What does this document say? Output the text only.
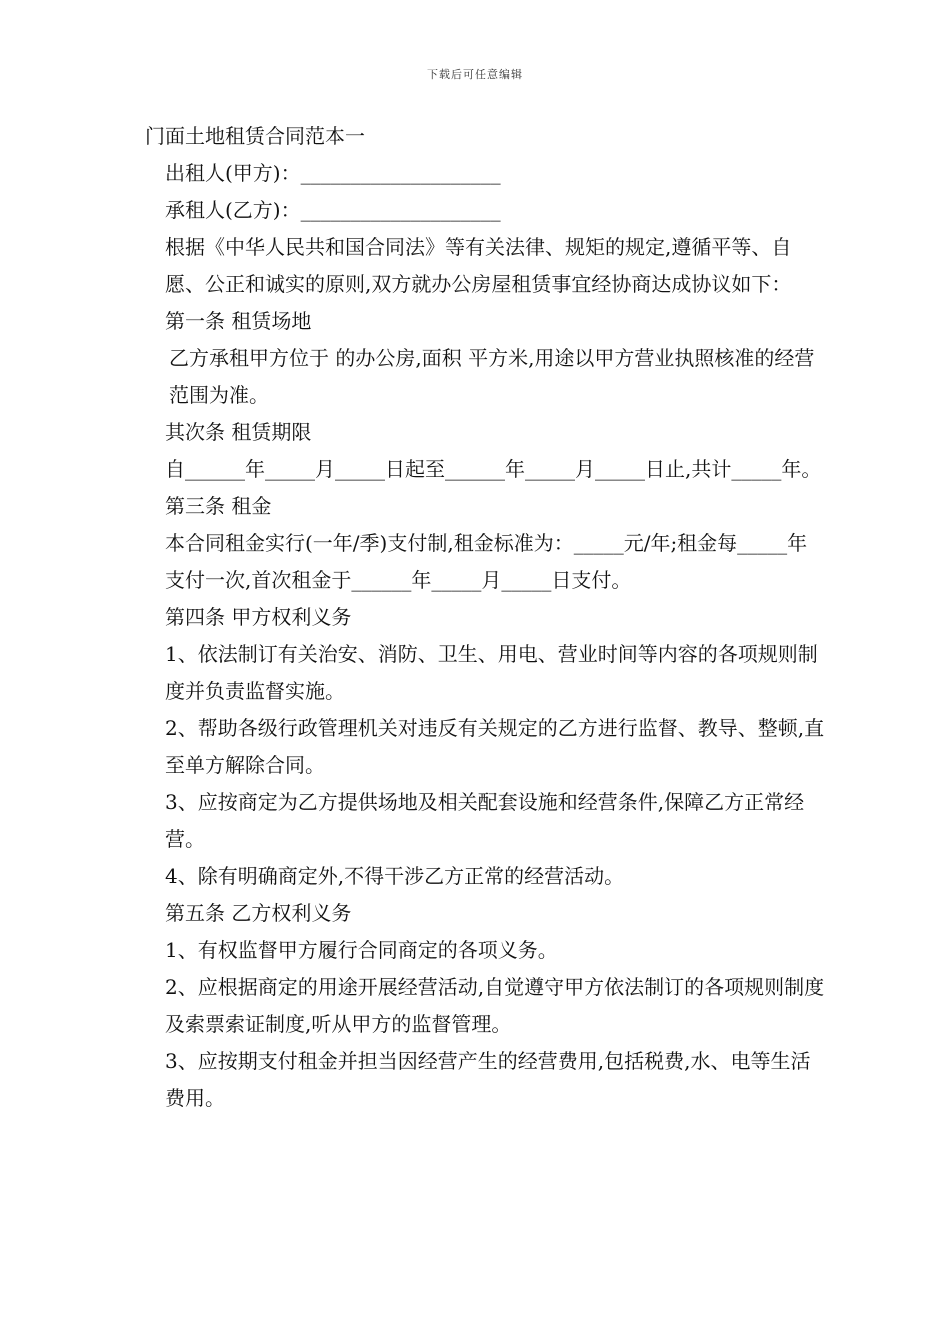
下载后可任意编辑

门面土地租赁合同范本一

出租人(甲方)：____________________

承租人(乙方)：____________________

根据《中华人民共和国合同法》等有关法律、规矩的规定,遵循平等、自愿、公正和诚实的原则,双方就办公房屋租赁事宜经协商达成协议如下：

第一条 租赁场地

乙方承租甲方位于 的办公房,面积 平方米,用途以甲方营业执照核准的经营范围为准。

其次条 租赁期限

自______年_____月_____日起至______年_____月_____日止,共计_____年。

第三条 租金

本合同租金实行(一年/季)支付制,租金标准为：_____元/年;租金每_____年支付一次,首次租金于______年_____月_____日支付。

第四条 甲方权利义务

1、依法制订有关治安、消防、卫生、用电、营业时间等内容的各项规则制度并负责监督实施。

2、帮助各级行政管理机关对违反有关规定的乙方进行监督、教导、整顿,直至单方解除合同。

3、应按商定为乙方提供场地及相关配套设施和经营条件,保障乙方正常经营。

4、除有明确商定外,不得干涉乙方正常的经营活动。

第五条 乙方权利义务

1、有权监督甲方履行合同商定的各项义务。

2、应根据商定的用途开展经营活动,自觉遵守甲方依法制订的各项规则制度及索票索证制度,听从甲方的监督管理。

3、应按期支付租金并担当因经营产生的经营费用,包括税费,水、电等生活费用。
